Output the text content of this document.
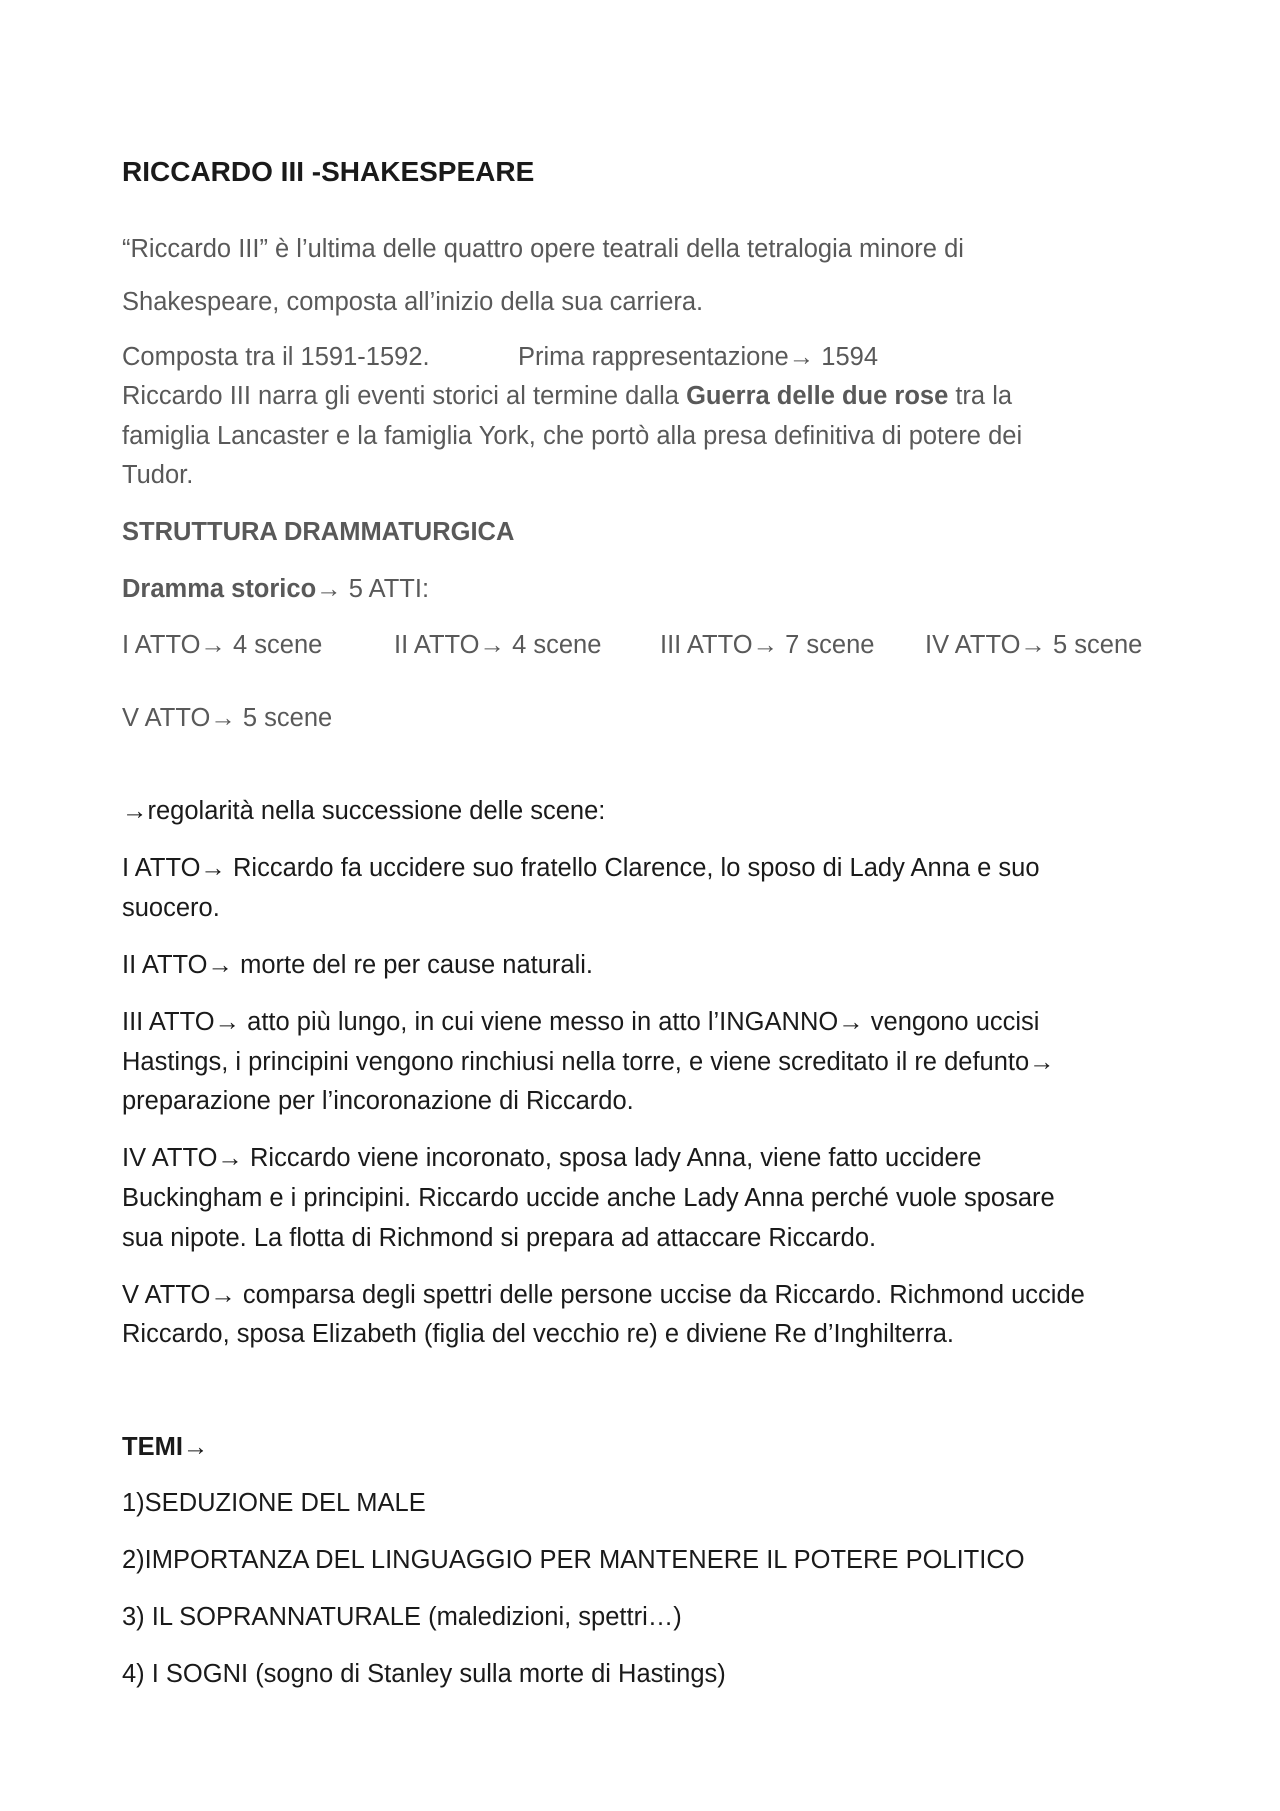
RICCARDO III -SHAKESPEARE
“Riccardo III” è l’ultima delle quattro opere teatrali della tetralogia minore di
Shakespeare, composta all’inizio della sua carriera.
Composta tra il 1591-1592.	Prima rappresentazione→ 1594
Riccardo III narra gli eventi storici al termine dalla Guerra delle due rose tra la
famiglia Lancaster e la famiglia York, che portò alla presa definitiva di potere dei
Tudor.
STRUTTURA DRAMMATURGICA
Dramma storico→ 5 ATTI:
I ATTO→ 4 scene	II ATTO→ 4 scene III ATTO→ 7 scene IV ATTO→ 5 scene
V ATTO→ 5 scene
→regolarità nella successione delle scene:
I ATTO→ Riccardo fa uccidere suo fratello Clarence, lo sposo di Lady Anna e suo
suocero.
II ATTO→ morte del re per cause naturali.
III ATTO→ atto più lungo, in cui viene messo in atto l’INGANNO→ vengono uccisi
Hastings, i principini vengono rinchiusi nella torre, e viene screditato il re defunto→
preparazione per l’incoronazione di Riccardo.
IV ATTO→ Riccardo viene incoronato, sposa lady Anna, viene fatto uccidere
Buckingham e i principini. Riccardo uccide anche Lady Anna perché vuole sposare
sua nipote. La flotta di Richmond si prepara ad attaccare Riccardo.
V ATTO→ comparsa degli spettri delle persone uccise da Riccardo. Richmond uccide
Riccardo, sposa Elizabeth (figlia del vecchio re) e diviene Re d’Inghilterra.
TEMI→
1)SEDUZIONE DEL MALE
2)IMPORTANZA DEL LINGUAGGIO PER MANTENERE IL POTERE POLITICO
3) IL SOPRANNATURALE (maledizioni, spettri…)
4) I SOGNI (sogno di Stanley sulla morte di Hastings)
